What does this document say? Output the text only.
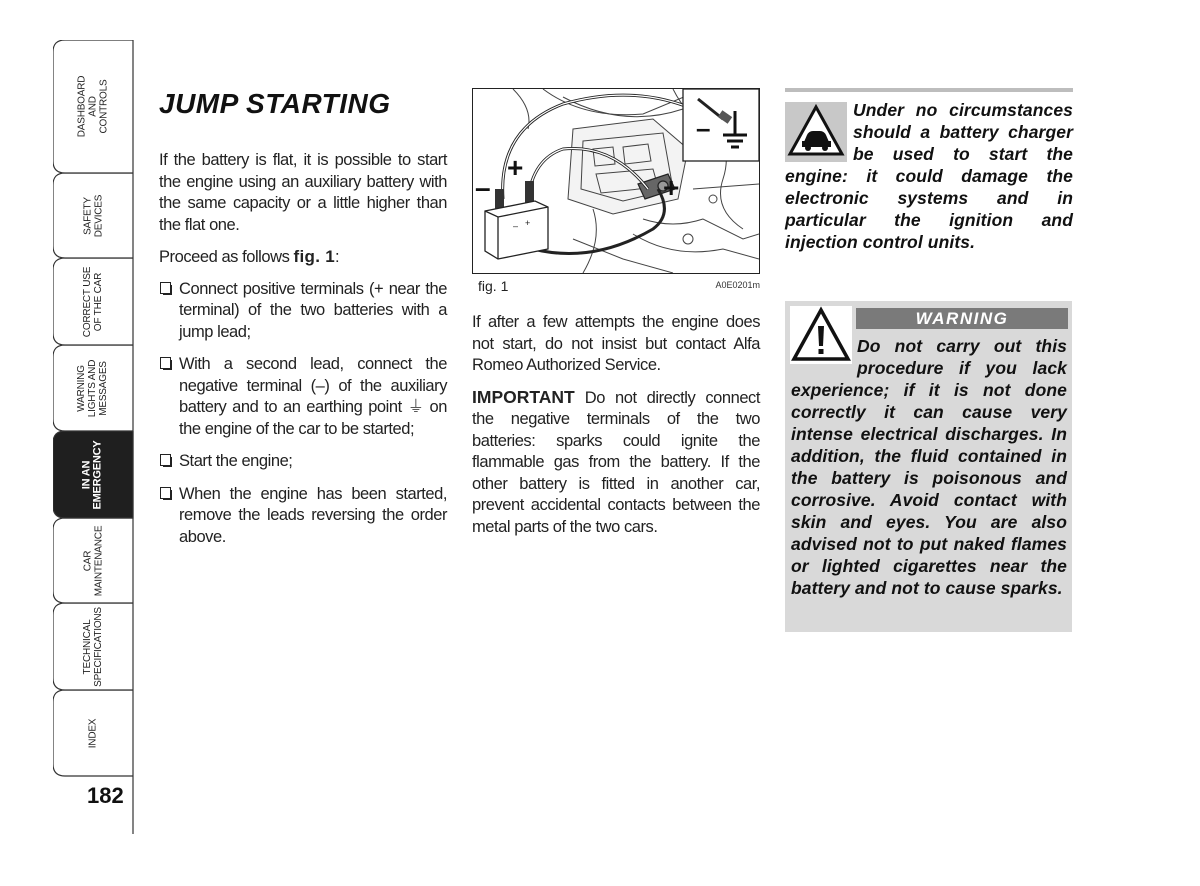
DASHBOARD
AND
CONTROLS
SAFETY
DEVICES
CORRECT USE
OF THE CAR
WARNING
LIGHTS AND
MESSAGES
IN AN
EMERGENCY
CAR
MAINTENANCE
TECHNICAL
SPECIFICATIONS
INDEX
182
JUMP STARTING

If the battery is flat, it is possible to start the engine using an auxiliary battery with the same capacity or a little higher than the flat one.

Proceed as follows fig. 1:

Connect positive terminals (+ near the terminal) of the two batteries with a jump lead;
With a second lead, connect the negative terminal (–) of the auxiliary battery and to an earthing point ⏚ on the engine of the car to be started;
Start the engine;
When the engine has been started, remove the leads reversing the order above.
– +
–
+
–	+
fig. 1	A0E0201m

If after a few attempts the engine does not start, do not insist but contact Alfa Romeo Authorized Service.

IMPORTANT Do not directly connect the negative terminals of the two batteries: sparks could ignite the flammable gas from the battery. If the other battery is fitted in another car, prevent accidental contacts between the metal parts of the two cars.

Under no circumstances should a battery charger be used to start the engine: it could damage the electronic systems and in particular the ignition and injection control units.
WARNING
Do not carry out this procedure if you lack experience; if it is not done correctly it can cause very intense electrical discharges. In addition, the fluid contained in the battery is poisonous and corrosive. Avoid contact with skin and eyes. You are also advised not to put naked flames or lighted cigarettes near the battery and not to cause sparks.
